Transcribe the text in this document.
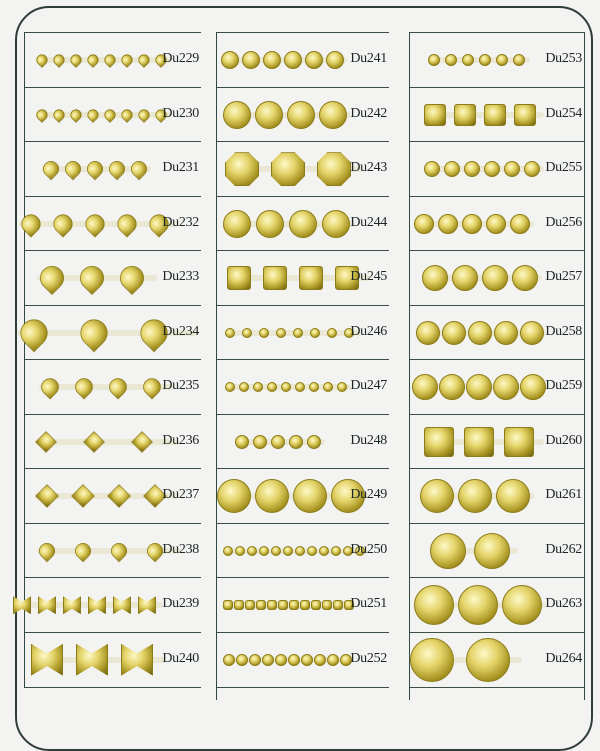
Du229
Du230
Du231
Du232
Du233
Du234
Du235
Du236
Du237
Du238
Du239
Du240
Du241
Du242
Du243
Du244
Du245
Du246
Du247
Du248
Du249
Du250
Du251
Du252
Du253
Du254
Du255
Du256
Du257
Du258
Du259
Du260
Du261
Du262
Du263
Du264
